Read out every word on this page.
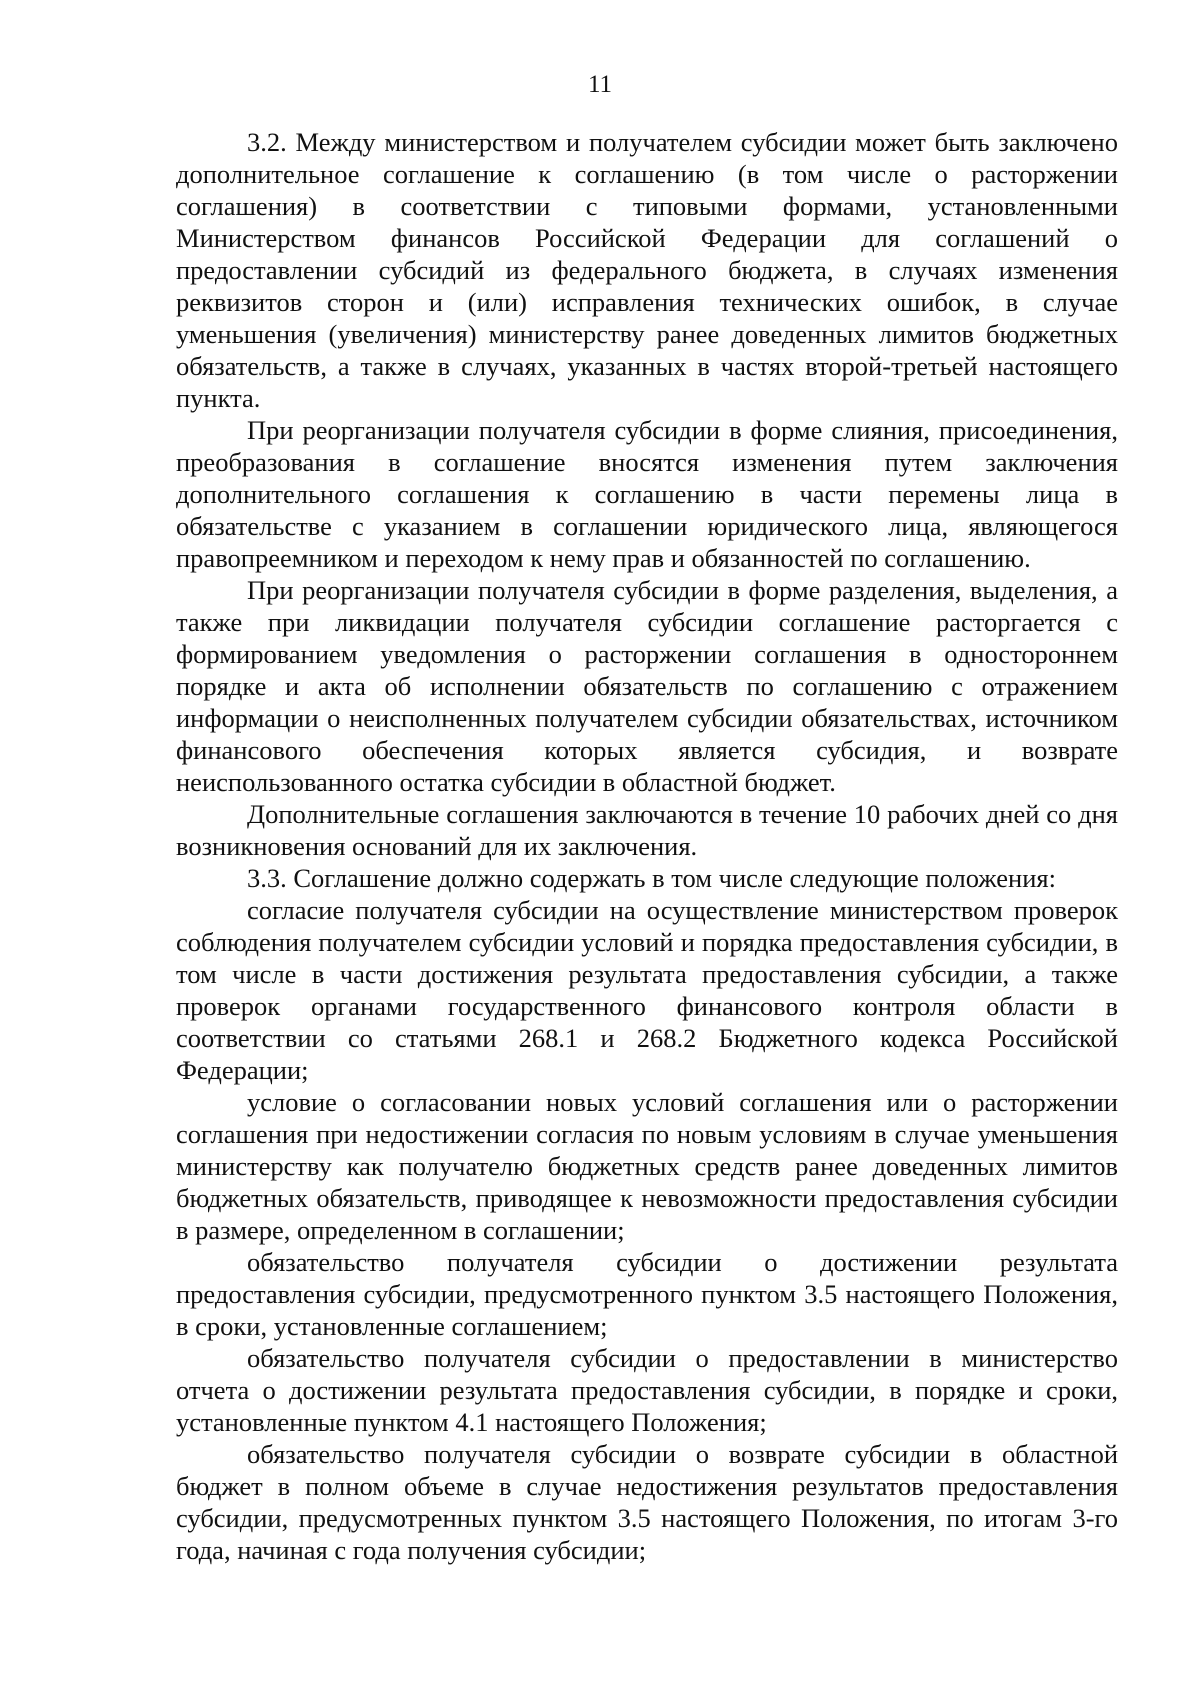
11

3.2. Между министерством и получателем субсидии может быть заключено дополнительное соглашение к соглашению (в том числе о расторжении соглашения) в соответствии с типовыми формами, установленными Министерством финансов Российской Федерации для соглашений о предоставлении субсидий из федерального бюджета, в случаях изменения реквизитов сторон и (или) исправления технических ошибок, в случае уменьшения (увеличения) министерству ранее доведенных лимитов бюджетных обязательств, а также в случаях, указанных в частях второй-третьей настоящего пункта.

При реорганизации получателя субсидии в форме слияния, присоединения, преобразования в соглашение вносятся изменения путем заключения дополнительного соглашения к соглашению в части перемены лица в обязательстве с указанием в соглашении юридического лица, являющегося правопреемником и переходом к нему прав и обязанностей по соглашению.

При реорганизации получателя субсидии в форме разделения, выделения, а также при ликвидации получателя субсидии соглашение расторгается с формированием уведомления о расторжении соглашения в одностороннем порядке и акта об исполнении обязательств по соглашению с отражением информации о неисполненных получателем субсидии обязательствах, источником финансового обеспечения которых является субсидия, и возврате неиспользованного остатка субсидии в областной бюджет.

Дополнительные соглашения заключаются в течение 10 рабочих дней со дня возникновения оснований для их заключения.

3.3. Соглашение должно содержать в том числе следующие положения:

согласие получателя субсидии на осуществление министерством проверок соблюдения получателем субсидии условий и порядка предоставления субсидии, в том числе в части достижения результата предоставления субсидии, а также проверок органами государственного финансового контроля области в соответствии со статьями 268.1 и 268.2 Бюджетного кодекса Российской Федерации;

условие о согласовании новых условий соглашения или о расторжении соглашения при недостижении согласия по новым условиям в случае уменьшения министерству как получателю бюджетных средств ранее доведенных лимитов бюджетных обязательств, приводящее к невозможности предоставления субсидии в размере, определенном в соглашении;

обязательство получателя субсидии о достижении результата предоставления субсидии, предусмотренного пунктом 3.5 настоящего Положения, в сроки, установленные соглашением;

обязательство получателя субсидии о предоставлении в министерство отчета о достижении результата предоставления субсидии, в порядке и сроки, установленные пунктом 4.1 настоящего Положения;

обязательство получателя субсидии о возврате субсидии в областной бюджет в полном объеме в случае недостижения результатов предоставления субсидии, предусмотренных пунктом 3.5 настоящего Положения, по итогам 3-го года, начиная с года получения субсидии;
